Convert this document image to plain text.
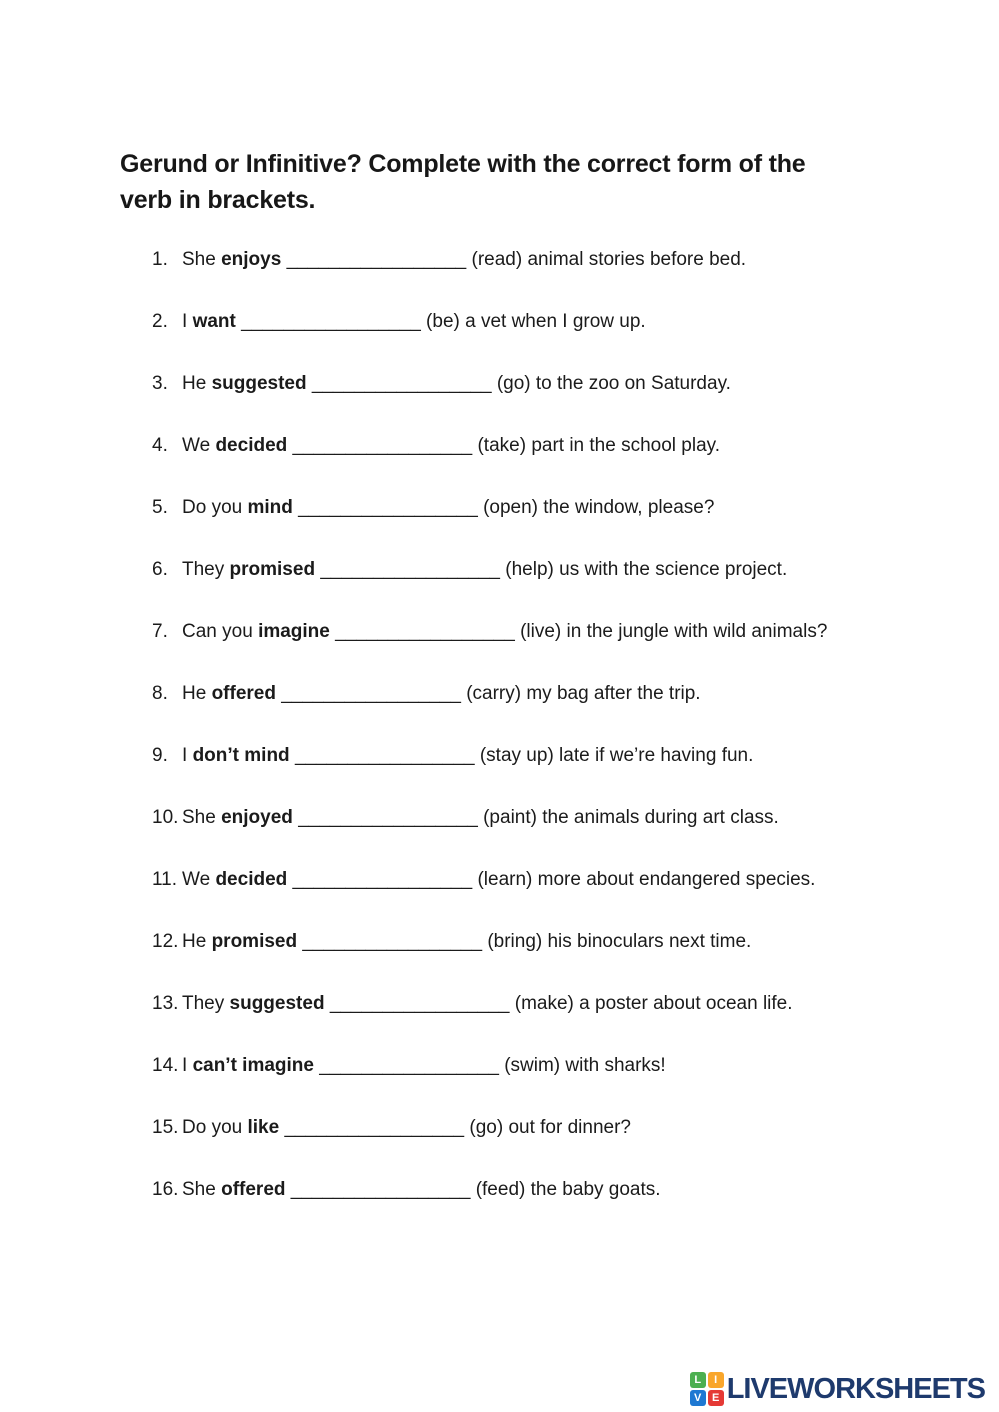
Gerund or Infinitive? Complete with the correct form of the
verb in brackets.
1. She enjoys _________________ (read) animal stories before bed.
2. I want _________________ (be) a vet when I grow up.
3. He suggested _________________ (go) to the zoo on Saturday.
4. We decided _________________ (take) part in the school play.
5. Do you mind _________________ (open) the window, please?
6. They promised _________________ (help) us with the science project.
7. Can you imagine _________________ (live) in the jungle with wild animals?
8. He offered _________________ (carry) my bag after the trip.
9. I don’t mind _________________ (stay up) late if we’re having fun.
10. She enjoyed _________________ (paint) the animals during art class.
11. We decided _________________ (learn) more about endangered species.
12. He promised _________________ (bring) his binoculars next time.
13. They suggested _________________ (make) a poster about ocean life.
14. I can’t imagine _________________ (swim) with sharks!
15. Do you like _________________ (go) out for dinner?
16. She offered _________________ (feed) the baby goats.
L	I
V E LIVEWORKSHEETS
